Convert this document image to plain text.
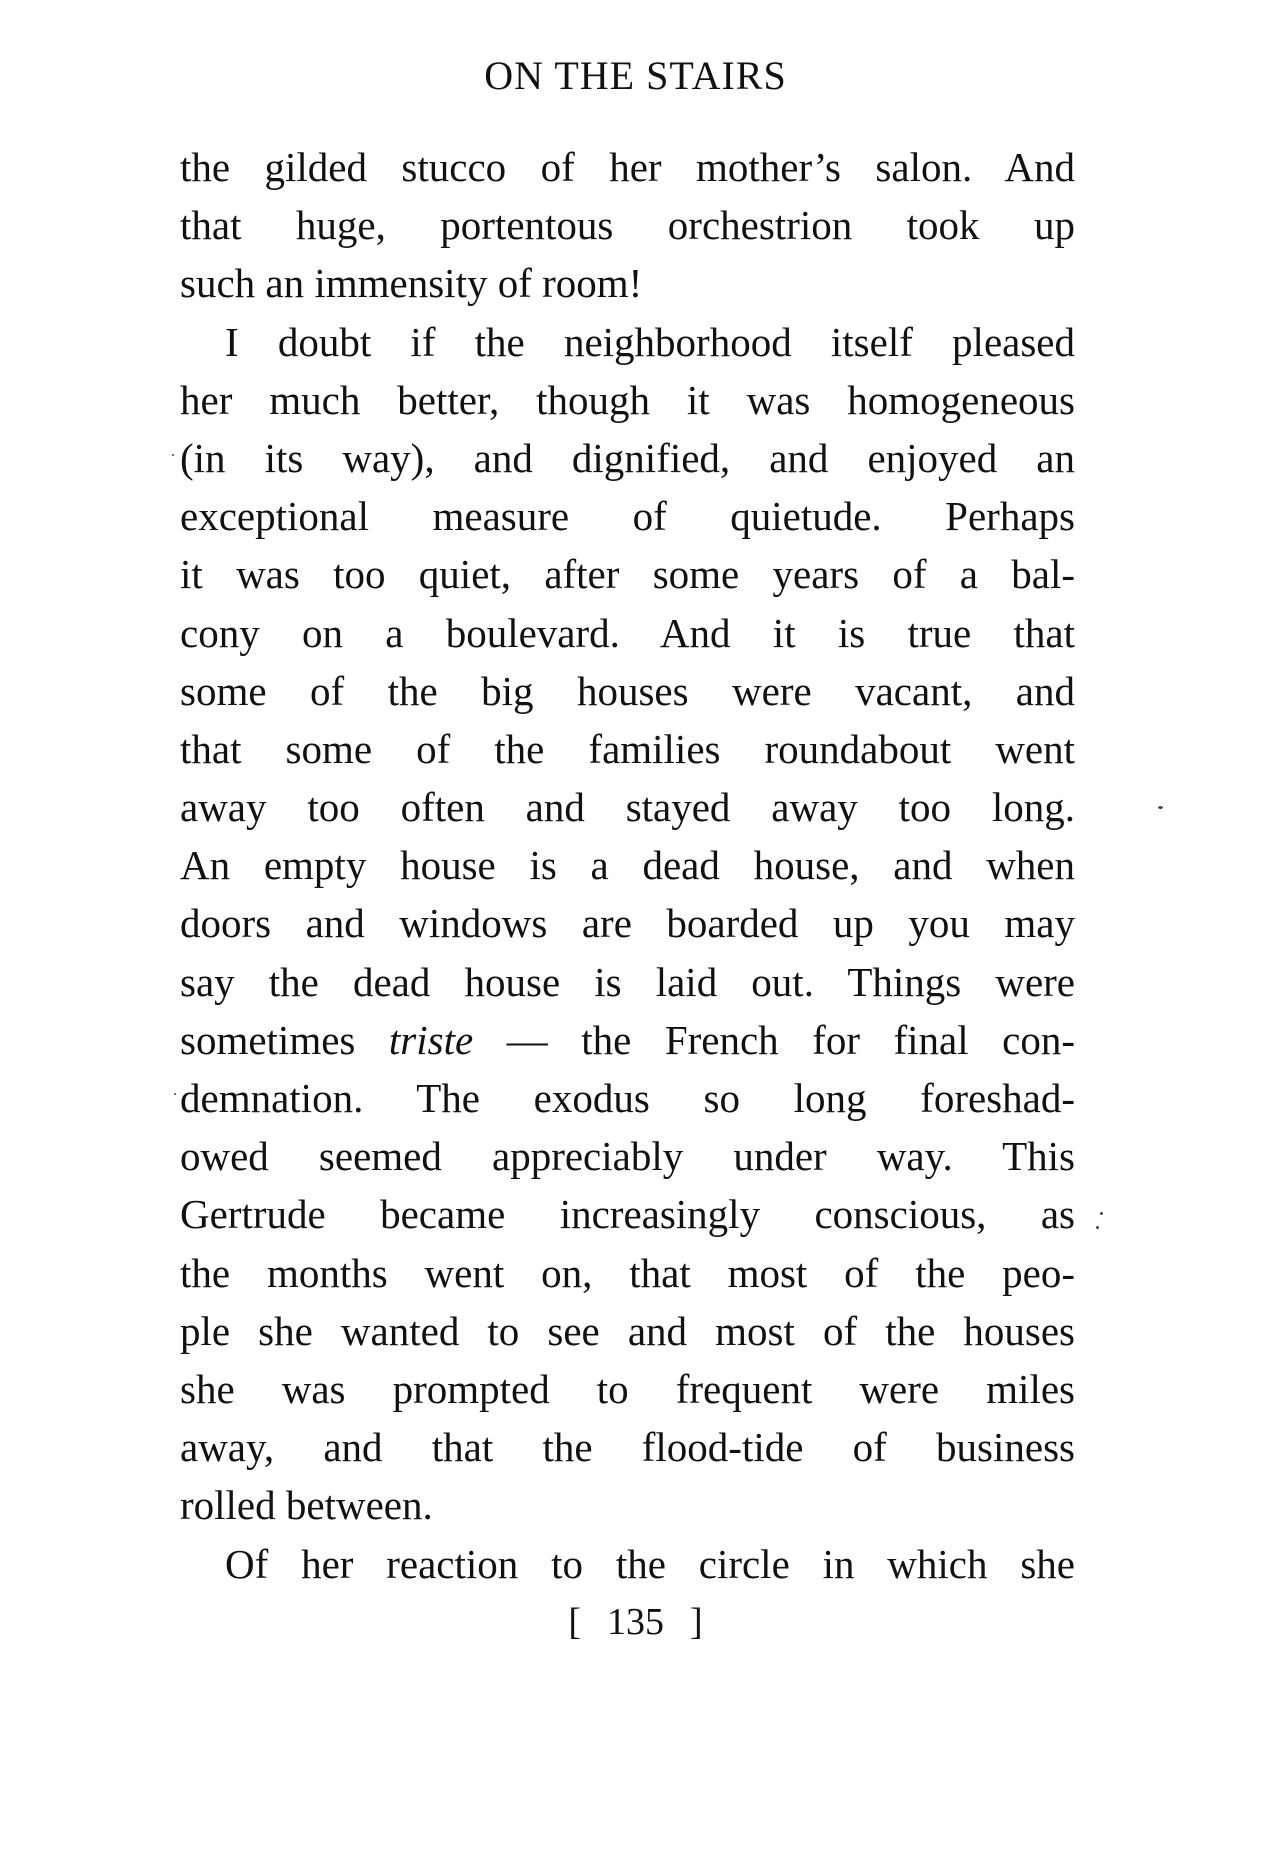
ON THE STAIRS
the gilded stucco of her mother’s salon. And
that huge, portentous orchestrion took up
such an immensity of room!
I doubt if the neighborhood itself pleased
her much better, though it was homogeneous
(in its way), and dignified, and enjoyed an
exceptional measure of quietude. Perhaps
it was too quiet, after some years of a bal-
cony on a boulevard. And it is true that
some of the big houses were vacant, and
that some of the families roundabout went
away too often and stayed away too long.
An empty house is a dead house, and when
doors and windows are boarded up you may
say the dead house is laid out. Things were
sometimes triste — the French for final con-
demnation. The exodus so long foreshad-
owed seemed appreciably under way. This
Gertrude became increasingly conscious, as
the months went on, that most of the peo-
ple she wanted to see and most of the houses
she was prompted to frequent were miles
away, and that the flood-tide of business
rolled between.
Of her reaction to the circle in which she
[ 135 ]
